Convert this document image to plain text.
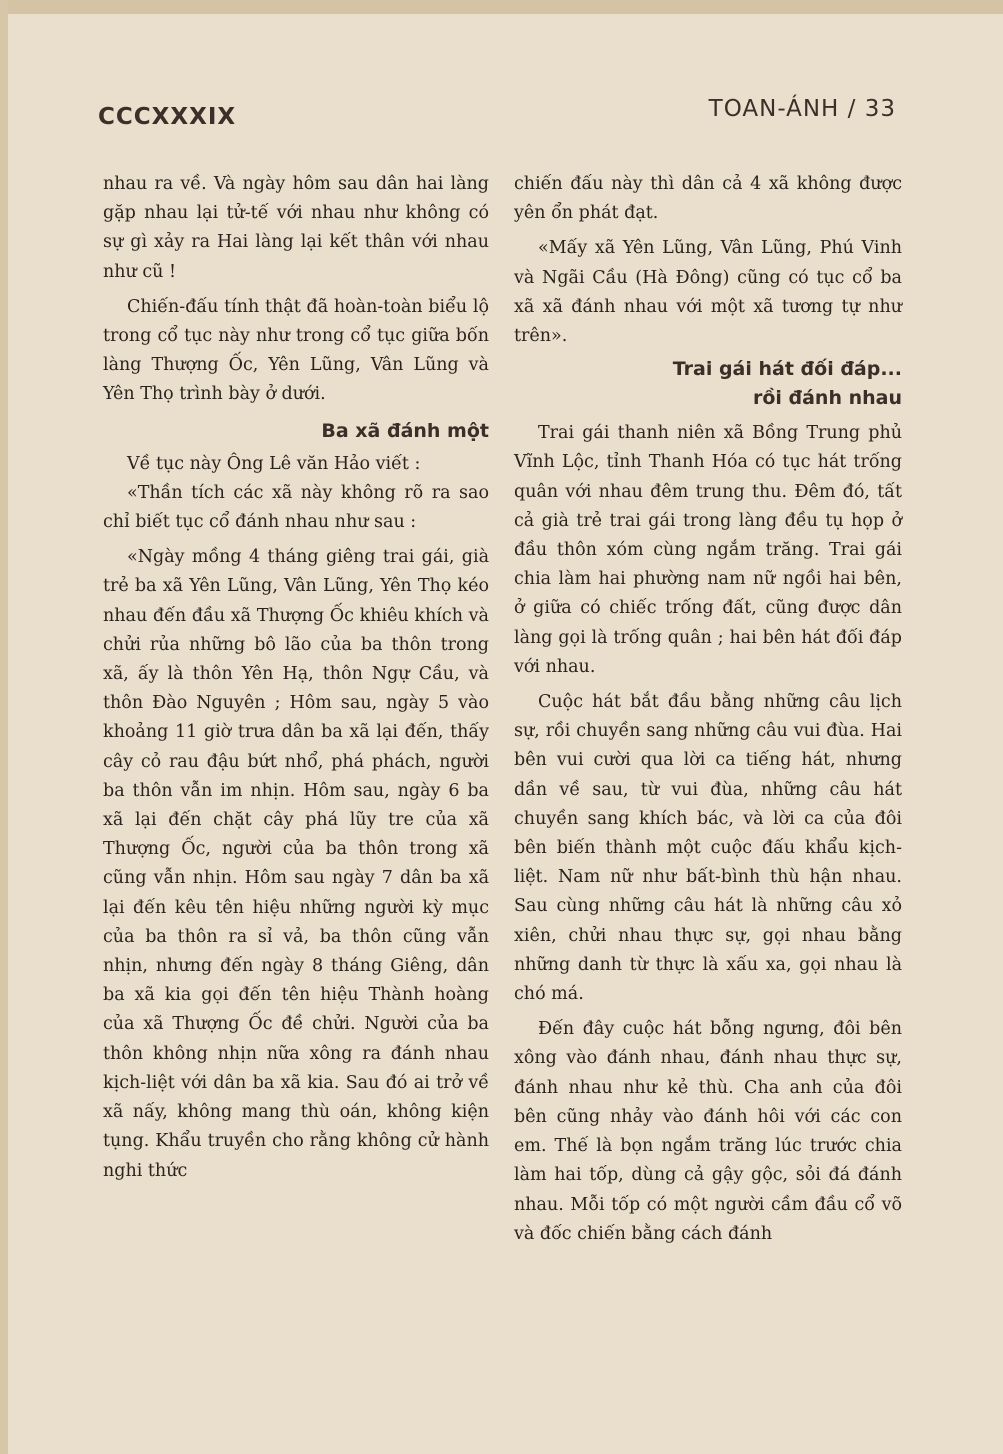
CCCXXXIX	TOAN-ÁNH / 33

nhau ra về. Và ngày hôm sau dân hai làng gặp nhau lại tử-tế với nhau như không có sự gì xảy ra Hai làng lại kết thân với nhau như cũ !

Chiến-đấu tính thật đã hoàn-toàn biểu lộ trong cổ tục này như trong cổ tục giữa bốn làng Thượng Ốc, Yên Lũng, Vân Lũng và Yên Thọ trình bày ở dưới.

Ba xã đánh một

Về tục này Ông Lê văn Hảo viết :

«Thần tích các xã này không rõ ra sao chỉ biết tục cổ đánh nhau như sau :

«Ngày mồng 4 tháng giêng trai gái, già trẻ ba xã Yên Lũng, Vân Lũng, Yên Thọ kéo nhau đến đầu xã Thượng Ốc khiêu khích và chửi rủa những bô lão của ba thôn trong xã, ấy là thôn Yên Hạ, thôn Ngự Cầu, và thôn Đào Nguyên ; Hôm sau, ngày 5 vào khoảng 11 giờ trưa dân ba xã lại đến, thấy cây cỏ rau đậu bứt nhổ, phá phách, người ba thôn vẫn im nhịn. Hôm sau, ngày 6 ba xã lại đến chặt cây phá lũy tre của xã Thượng Ốc, người của ba thôn trong xã cũng vẫn nhịn. Hôm sau ngày 7 dân ba xã lại đến kêu tên hiệu những người kỳ mục của ba thôn ra sỉ vả, ba thôn cũng vẫn nhịn, nhưng đến ngày 8 tháng Giêng, dân ba xã kia gọi đến tên hiệu Thành hoàng của xã Thượng Ốc đề chửi. Người của ba thôn không nhịn nữa xông ra đánh nhau kịch-liệt với dân ba xã kia. Sau đó ai trở về xã nấy, không mang thù oán, không kiện tụng. Khẩu truyền cho rằng không cử hành nghi thức

chiến đấu này thì dân cả 4 xã không được yên ổn phát đạt.

«Mấy xã Yên Lũng, Vân Lũng, Phú Vinh và Ngãi Cầu (Hà Đông) cũng có tục cổ ba xã xã đánh nhau với một xã tương tự như trên».

Trai gái hát đối đáp...
rồi đánh nhau

Trai gái thanh niên xã Bồng Trung phủ Vĩnh Lộc, tỉnh Thanh Hóa có tục hát trống quân với nhau đêm trung thu. Đêm đó, tất cả già trẻ trai gái trong làng đều tụ họp ở đầu thôn xóm cùng ngắm trăng. Trai gái chia làm hai phường nam nữ ngồi hai bên, ở giữa có chiếc trống đất, cũng được dân làng gọi là trống quân ; hai bên hát đối đáp với nhau.

Cuộc hát bắt đầu bằng những câu lịch sự, rồi chuyền sang những câu vui đùa. Hai bên vui cười qua lời ca tiếng hát, nhưng dần về sau, từ vui đùa, những câu hát chuyền sang khích bác, và lời ca của đôi bên biến thành một cuộc đấu khẩu kịch-liệt. Nam nữ như bất-bình thù hận nhau. Sau cùng những câu hát là những câu xỏ xiên, chửi nhau thực sự, gọi nhau bằng những danh từ thực là xấu xa, gọi nhau là chó má.

Đến đây cuộc hát bỗng ngưng, đôi bên xông vào đánh nhau, đánh nhau thực sự, đánh nhau như kẻ thù. Cha anh của đôi bên cũng nhảy vào đánh hôi với các con em. Thế là bọn ngắm trăng lúc trước chia làm hai tốp, dùng cả gậy gộc, sỏi đá đánh nhau. Mỗi tốp có một người cầm đầu cổ võ và đốc chiến bằng cách đánh
